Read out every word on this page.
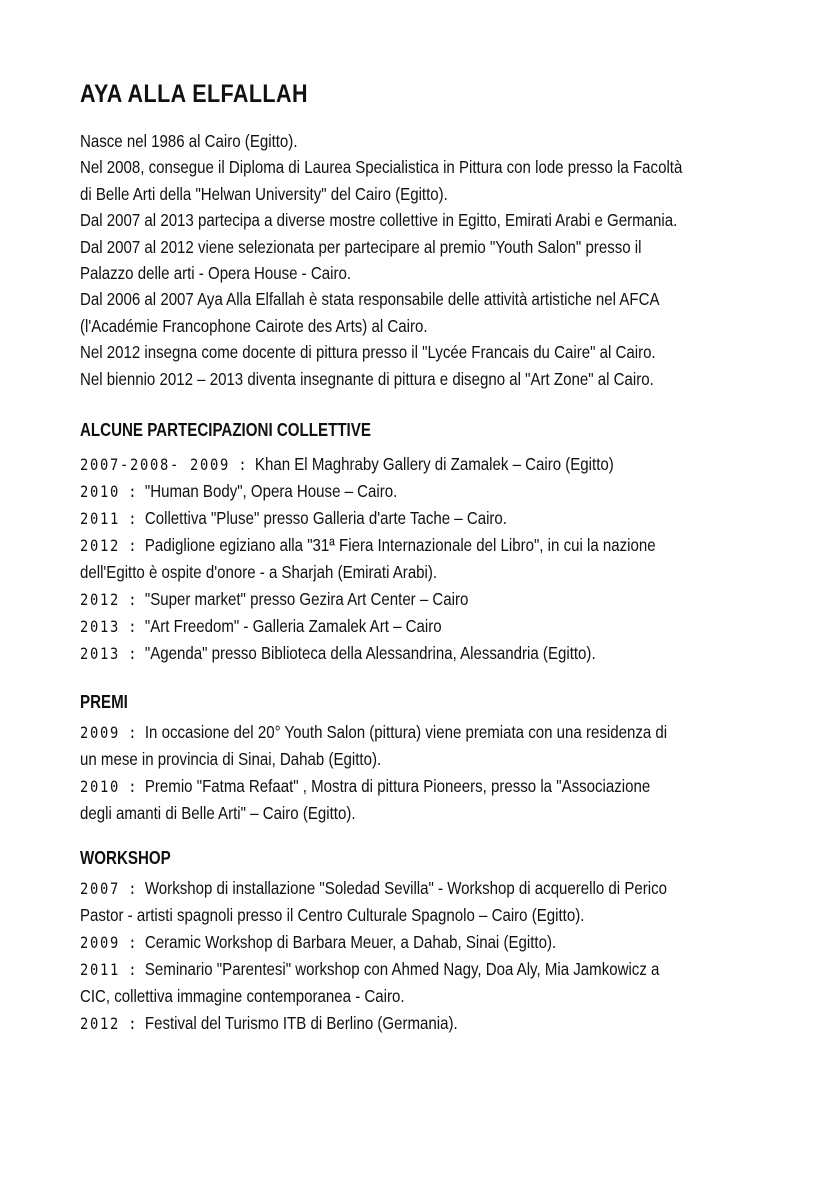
AYA ALLA ELFALLAH
Nasce nel 1986 al Cairo (Egitto).
Nel 2008, consegue il Diploma di Laurea Specialistica in Pittura con lode presso la Facoltà
di Belle Arti della "Helwan University" del Cairo (Egitto).
Dal 2007 al 2013 partecipa a diverse mostre collettive in Egitto, Emirati Arabi e Germania.
Dal 2007 al 2012 viene selezionata per partecipare al premio "Youth Salon" presso il
Palazzo delle arti - Opera House - Cairo.
Dal 2006 al 2007 Aya Alla Elfallah è stata responsabile delle attività artistiche nel AFCA
(l'Académie Francophone Cairote des Arts) al Cairo.
Nel 2012 insegna come docente di pittura presso il "Lycée Francais du Caire" al Cairo.
Nel biennio 2012 – 2013 diventa insegnante di pittura e disegno al "Art Zone" al Cairo.
ALCUNE PARTECIPAZIONI COLLETTIVE
2007-2008- 2009 : Khan El Maghraby Gallery di Zamalek – Cairo (Egitto)
2010 : "Human Body", Opera House – Cairo.
2011 : Collettiva "Pluse" presso Galleria d'arte Tache – Cairo.
2012 : Padiglione egiziano alla "31ª Fiera Internazionale del Libro", in cui la nazione
dell'Egitto è ospite d'onore - a Sharjah (Emirati Arabi).
2012 : "Super market" presso Gezira Art Center – Cairo
2013 : "Art Freedom" - Galleria Zamalek Art – Cairo
2013 : "Agenda" presso Biblioteca della Alessandrina, Alessandria (Egitto).
PREMI
2009 : In occasione del 20° Youth Salon (pittura) viene premiata con una residenza di
un mese in provincia di Sinai, Dahab (Egitto).
2010 : Premio "Fatma Refaat" , Mostra di pittura Pioneers, presso la "Associazione
degli amanti di Belle Arti" – Cairo (Egitto).
WORKSHOP
2007 : Workshop di installazione "Soledad Sevilla" - Workshop di acquerello di Perico
Pastor - artisti spagnoli presso il Centro Culturale Spagnolo – Cairo (Egitto).
2009 : Ceramic Workshop di Barbara Meuer, a Dahab, Sinai (Egitto).
2011 : Seminario "Parentesi" workshop con Ahmed Nagy, Doa Aly, Mia Jamkowicz a
CIC, collettiva immagine contemporanea - Cairo.
2012 : Festival del Turismo ITB di Berlino (Germania).
